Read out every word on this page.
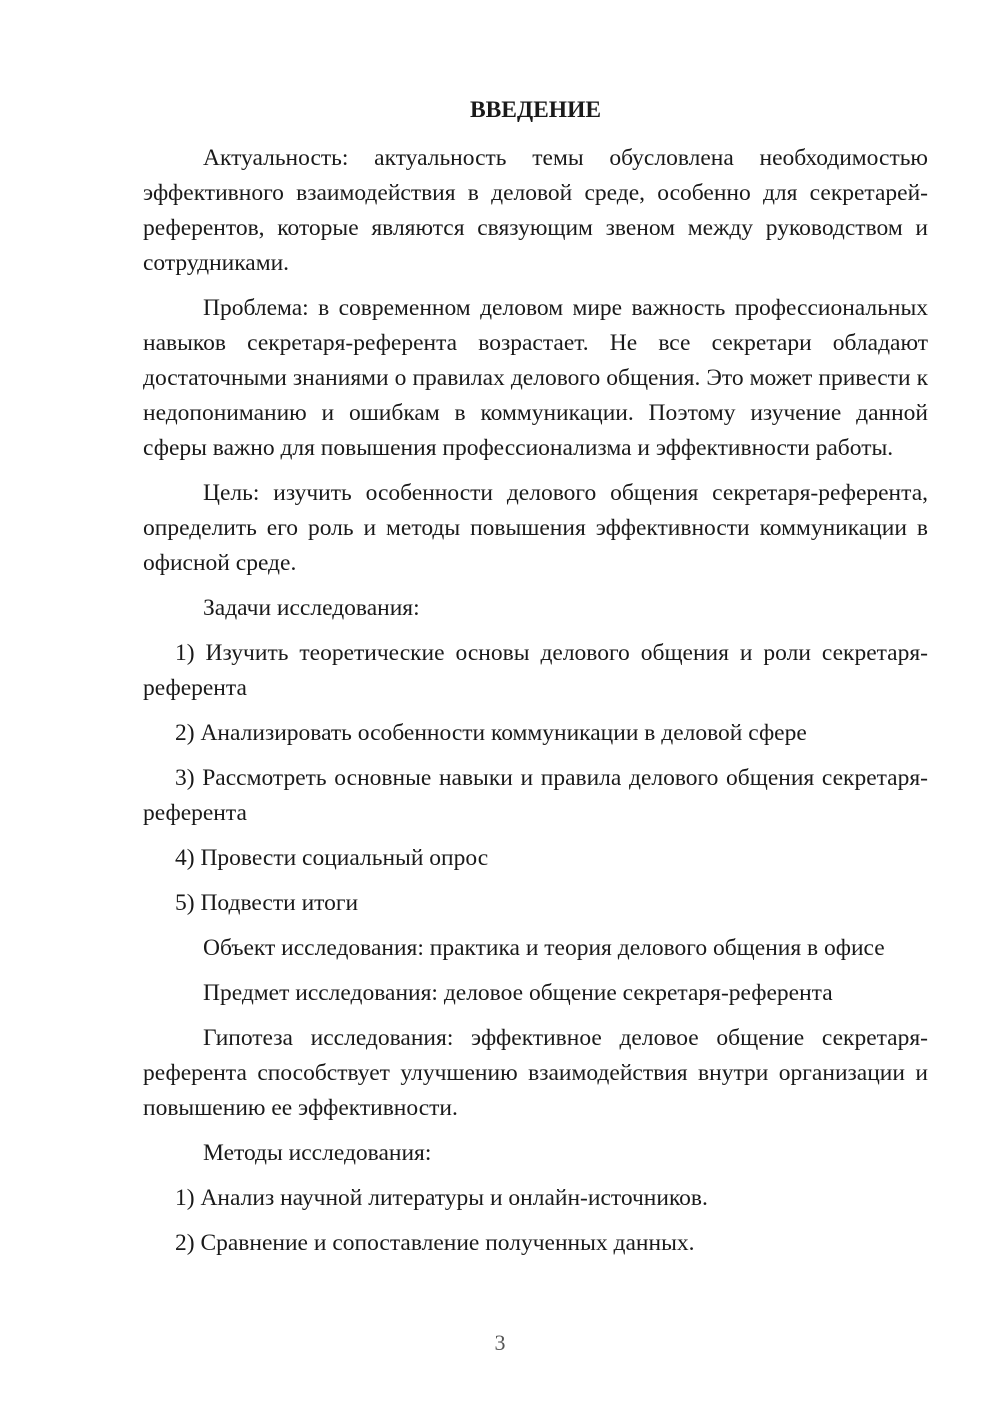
ВВЕДЕНИЕ

Актуальность: актуальность темы обусловлена необходимостью эффективного взаимодействия в деловой среде, особенно для секретарей-референтов, которые являются связующим звеном между руководством и сотрудниками.

Проблема: в современном деловом мире важность профессиональных навыков секретаря-референта возрастает. Не все секретари обладают достаточными знаниями о правилах делового общения. Это может привести к недопониманию и ошибкам в коммуникации. Поэтому изучение данной сферы важно для повышения профессионализма и эффективности работы.

Цель: изучить особенности делового общения секретаря-референта, определить его роль и методы повышения эффективности коммуникации в офисной среде.

Задачи исследования:

1) Изучить теоретические основы делового общения и роли секретаря-референта

2) Анализировать особенности коммуникации в деловой сфере

3) Рассмотреть основные навыки и правила делового общения секретаря-референта

4) Провести социальный опрос

5) Подвести итоги

Объект исследования: практика и теория делового общения в офисе

Предмет исследования: деловое общение секретаря-референта

Гипотеза исследования: эффективное деловое общение секретаря-референта способствует улучшению взаимодействия внутри организации и повышению ее эффективности.

Методы исследования:

1) Анализ научной литературы и онлайн-источников.

2) Сравнение и сопоставление полученных данных.

3
